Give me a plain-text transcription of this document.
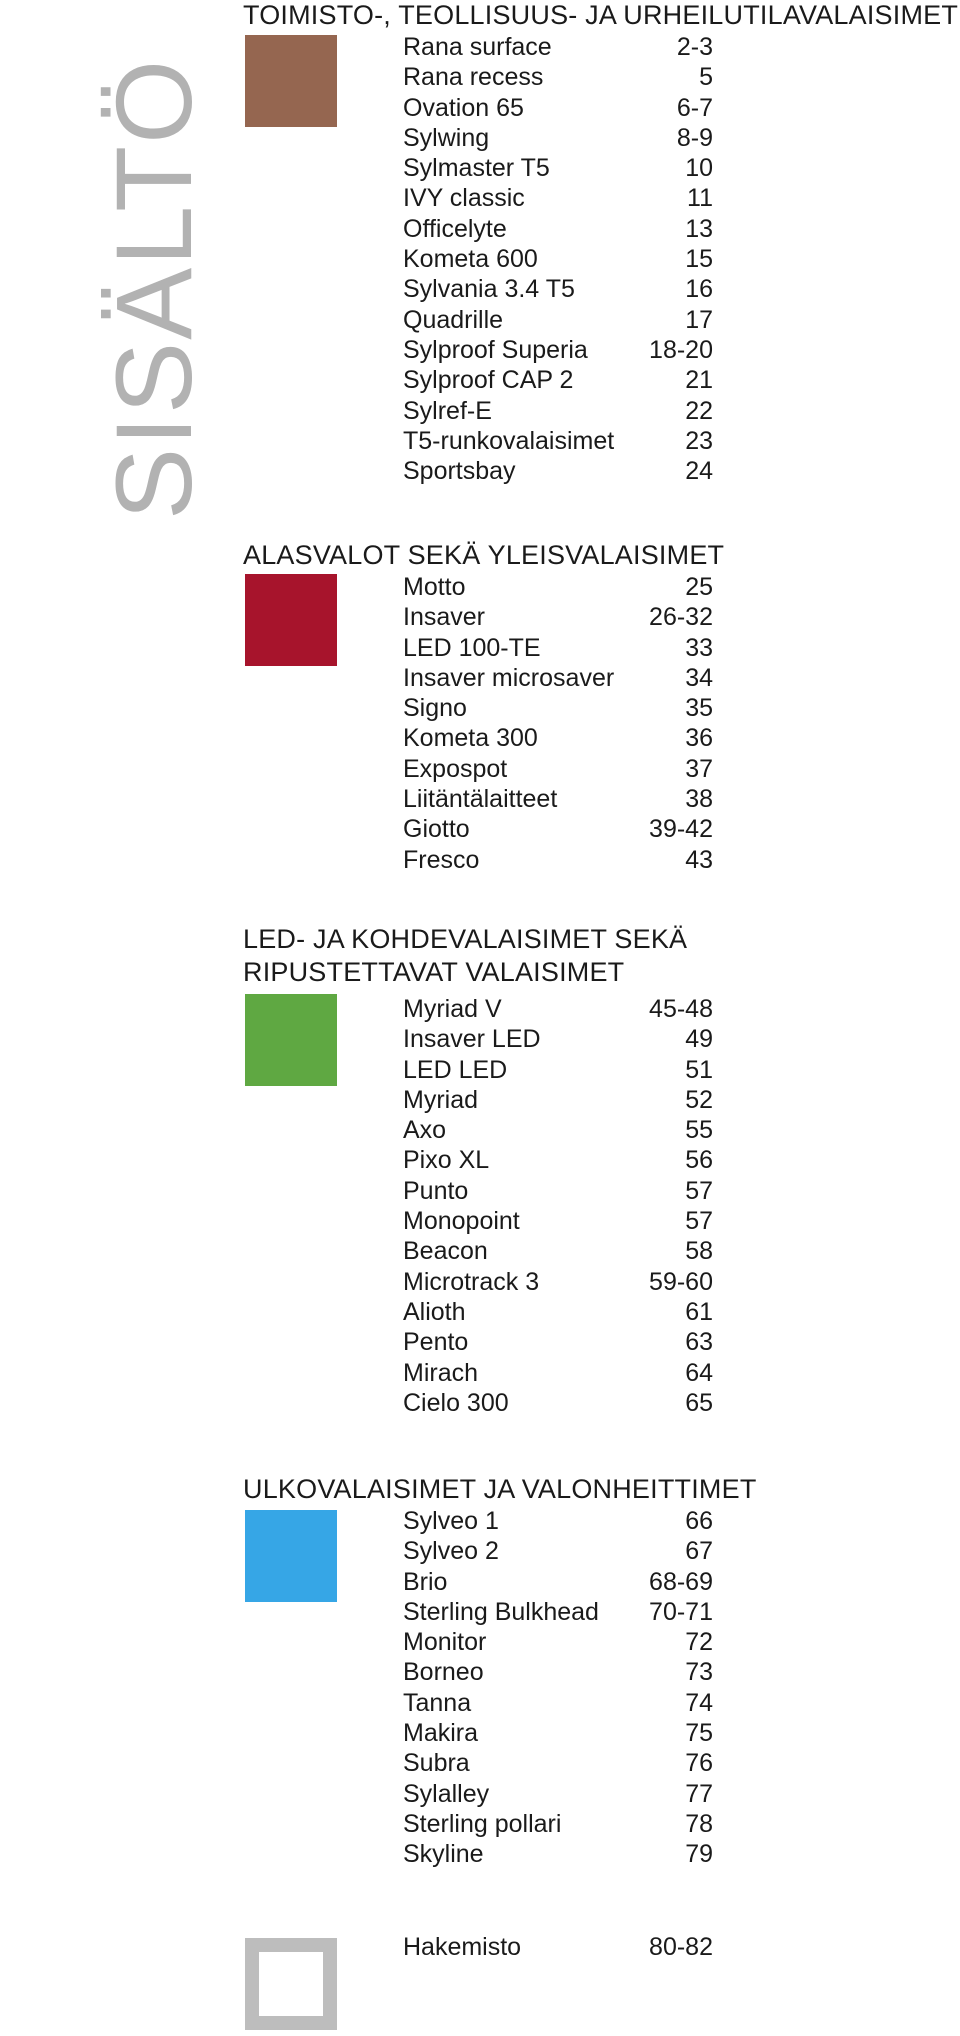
SISÄLTÖ
TOIMISTO-, TEOLLISUUS- JA URHEILUTILAVALAISIMET
Rana surface	2-3
Rana recess	5
Ovation 65	6-7
Sylwing	8-9
Sylmaster T5	10
IVY classic	11
Officelyte	13
Kometa 600	15
Sylvania 3.4 T5	16
Quadrille	17
Sylproof Superia 18-20
Sylproof CAP 2	21
Sylref-E	22
T5-runkovalaisimet	23
Sportsbay	24
ALASVALOT SEKÄ YLEISVALAISIMET
Motto	25
Insaver	26-32
LED 100-TE	33
Insaver microsaver	34
Signo	35
Kometa 300	36
Expospot	37
Liitäntälaitteet	38
Giotto	39-42
Fresco	43
LED- JA KOHDEVALAISIMET SEKÄ
RIPUSTETTAVAT VALAISIMET
Myriad V	45-48
Insaver LED	49
LED LED	51
Myriad	52
Axo	55
Pixo XL	56
Punto	57
Monopoint	57
Beacon	58
Microtrack 3	59-60
Alioth	61
Pento	63
Mirach	64
Cielo 300	65
ULKOVALAISIMET JA VALONHEITTIMET
Sylveo 1	66
Sylveo 2	67
Brio	68-69
Sterling Bulkhead 70-71
Monitor	72
Borneo	73
Tanna	74
Makira	75
Subra	76
Sylalley	77
Sterling pollari	78
Skyline	79
Hakemisto	80-82
